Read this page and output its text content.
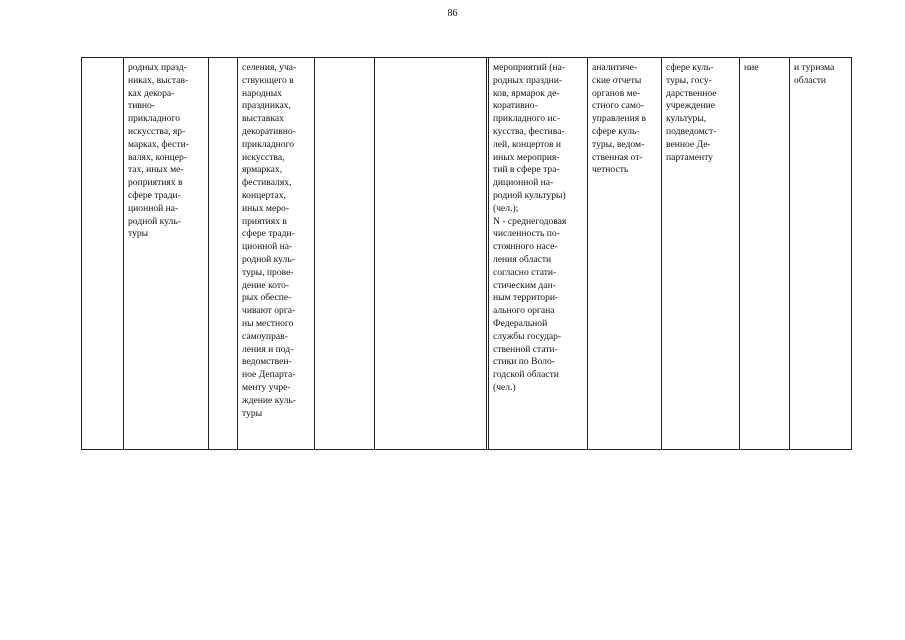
86

родных празд-
никах, выстав-
ках декора-
тивно-
прикладного
искусства, яр-
марках, фести-
валях, концер-
тах, иных ме-
роприятиях в
сфере тради-
ционной на-
родной куль-
туры

селения, уча-
ствующего в
народных
праздниках,
выставках
декоративно-
прикладного
искусства,
ярмарках,
фестивалях,
концертах,
иных меро-
приятиях в
сфере тради-
ционной на-
родной куль-
туры, прове-
дение кото-
рых обеспе-
чивают орга-
ны местного
самоуправ-
ления и под-
ведомствен-
ное Департа-
менту учре-
ждение куль-
туры

мероприятий (на-
родных праздни-
ков, ярмарок де-
коративно-
прикладного ис-
кусства, фестива-
лей, концертов и
иных мероприя-
тий в сфере тра-
диционной на-
родной культуры)
(чел.);
N - среднегодовая
численность по-
стоянного насе-
ления области
согласно стати-
стическим дан-
ным территори-
ального органа
Федеральной
службы государ-
ственной стати-
стики по Воло-
годской области
(чел.)

аналитиче-
ские отчеты
органов ме-
стного само-
управления в
сфере куль-
туры, ведом-
ственная от-
четность

сфере куль-
туры, госу-
дарственное
учреждение
культуры,
подведомст-
венное Де-
партаменту

ние	и туризма
области
